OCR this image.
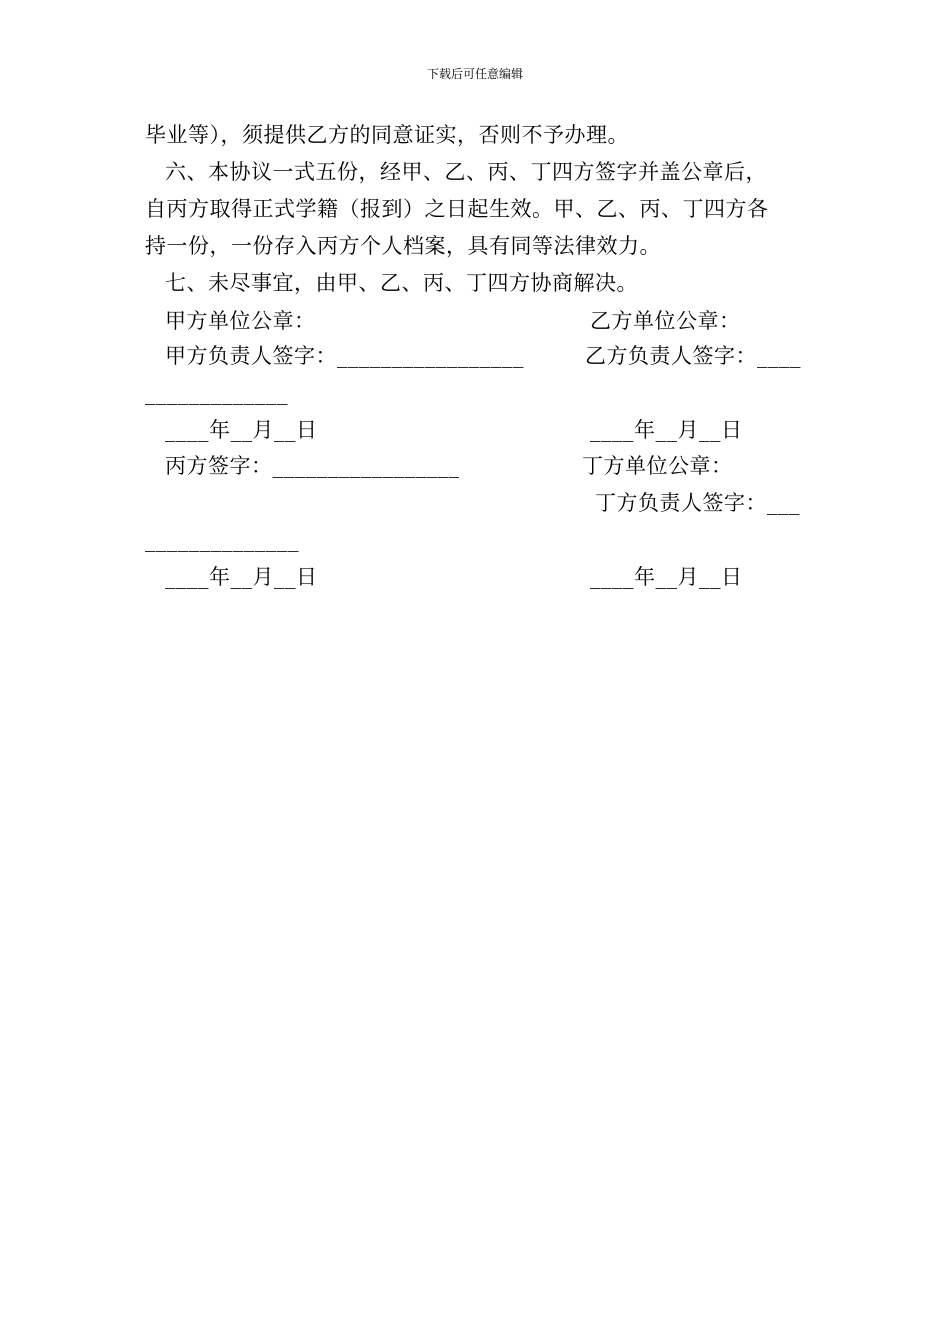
下载后可任意编辑
毕业等），须提供乙方的同意证实，否则不予办理。
六、本协议一式五份，经甲、乙、丙、丁四方签字并盖公章后，
自丙方取得正式学籍（报到）之日起生效。甲、乙、丙、丁四方各
持一份，一份存入丙方个人档案，具有同等法律效力。
七、未尽事宜，由甲、乙、丙、丁四方协商解决。
甲方单位公章：	乙方单位公章：
甲方负责人签字：_________________	乙方负责人签字：____
_____________
____年__月__日	____年__月__日
丙方签字：_________________	丁方单位公章：
丁方负责人签字：___
______________
____年__月__日	____年__月__日
